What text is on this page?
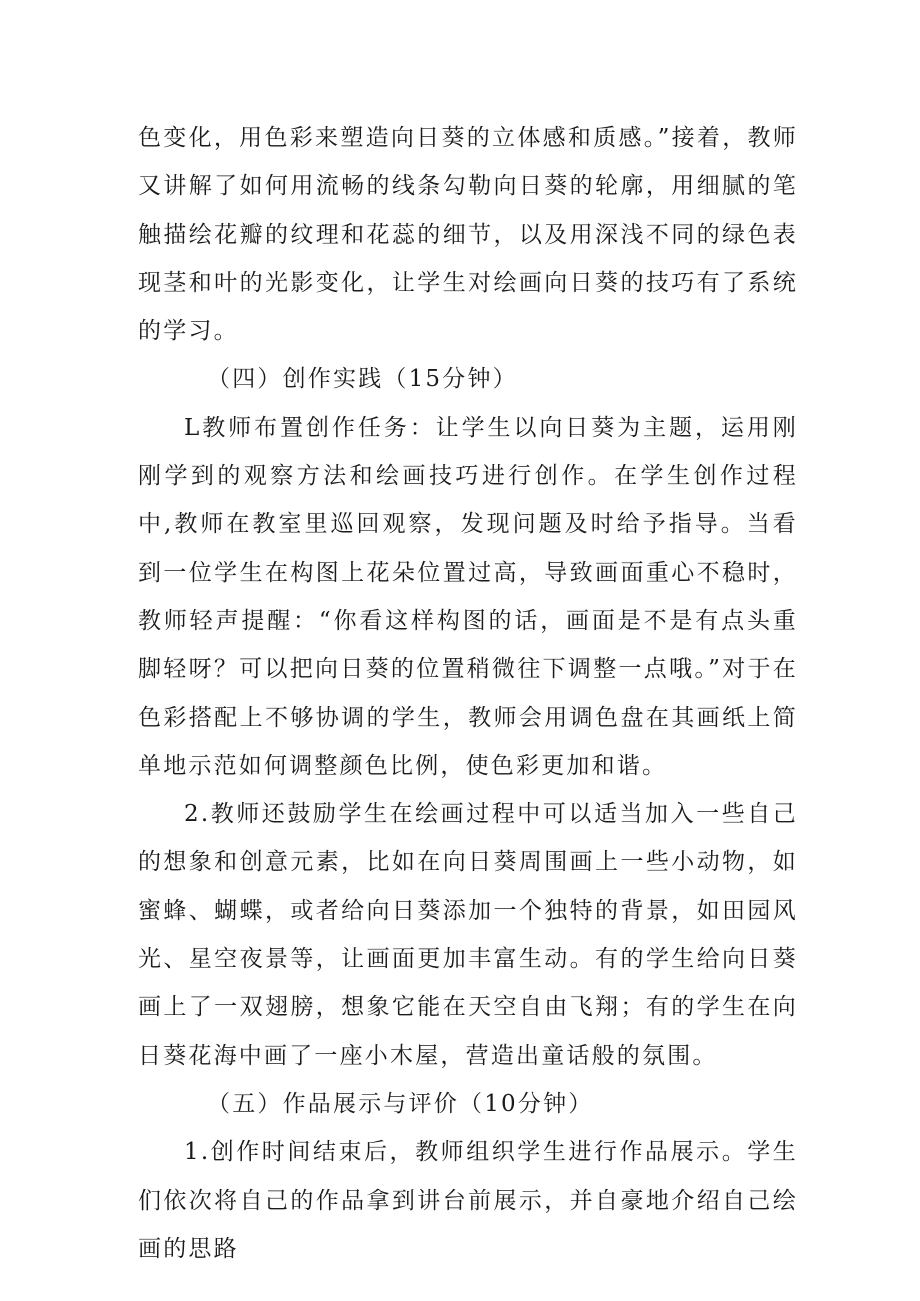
色变化，用色彩来塑造向日葵的立体感和质感。”接着，教师又讲解了如何用流畅的线条勾勒向日葵的轮廓，用细腻的笔触描绘花瓣的纹理和花蕊的细节，以及用深浅不同的绿色表现茎和叶的光影变化，让学生对绘画向日葵的技巧有了系统的学习。

（四）创作实践（15分钟）

L教师布置创作任务：让学生以向日葵为主题，运用刚刚学到的观察方法和绘画技巧进行创作。在学生创作过程中,教师在教室里巡回观察，发现问题及时给予指导。当看到一位学生在构图上花朵位置过高，导致画面重心不稳时，教师轻声提醒：“你看这样构图的话，画面是不是有点头重脚轻呀？可以把向日葵的位置稍微往下调整一点哦。”对于在色彩搭配上不够协调的学生，教师会用调色盘在其画纸上简单地示范如何调整颜色比例，使色彩更加和谐。

2.教师还鼓励学生在绘画过程中可以适当加入一些自己的想象和创意元素，比如在向日葵周围画上一些小动物，如蜜蜂、蝴蝶，或者给向日葵添加一个独特的背景，如田园风光、星空夜景等，让画面更加丰富生动。有的学生给向日葵画上了一双翅膀，想象它能在天空自由飞翔；有的学生在向日葵花海中画了一座小木屋，营造出童话般的氛围。

（五）作品展示与评价（10分钟）

1.创作时间结束后，教师组织学生进行作品展示。学生们依次将自己的作品拿到讲台前展示，并自豪地介绍自己绘画的思路
